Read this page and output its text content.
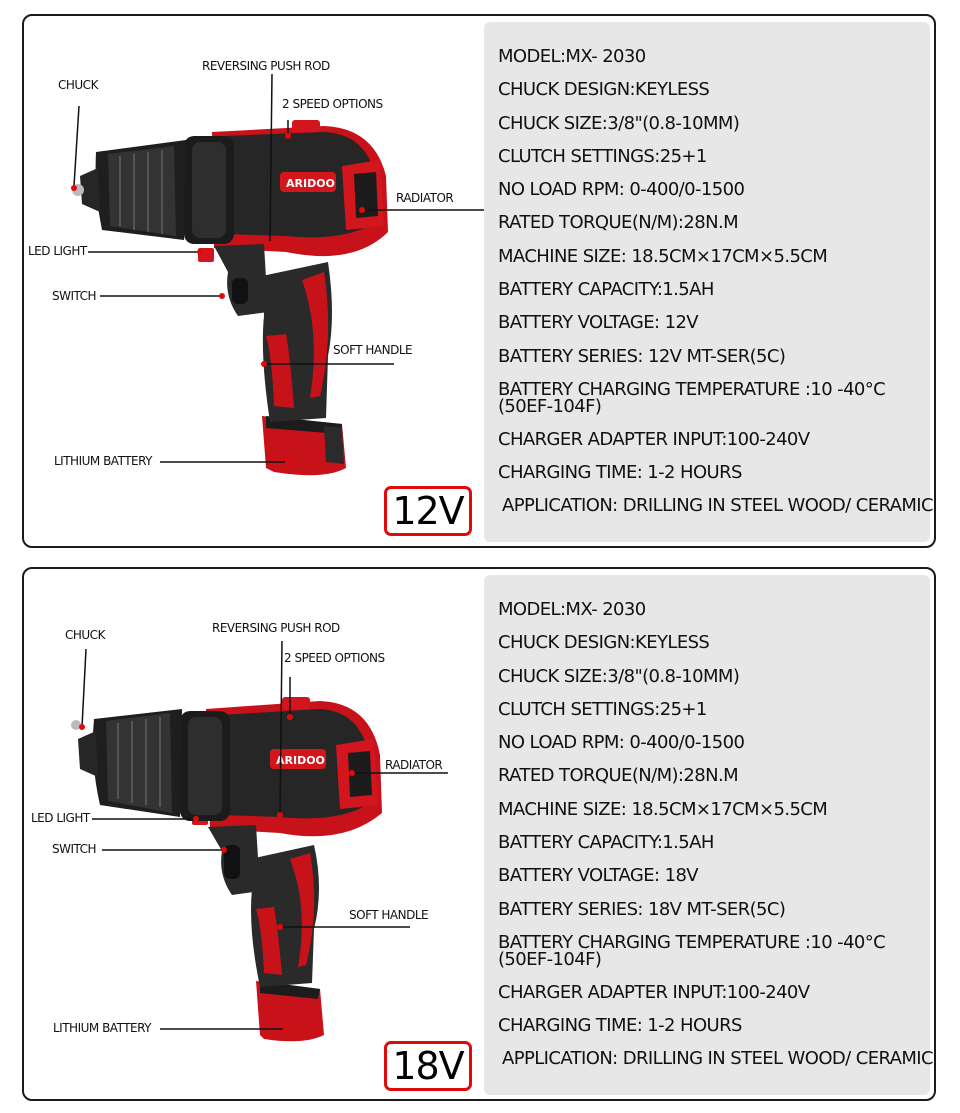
ARIDOO
CHUCK
REVERSING PUSH ROD
2 SPEED OPTIONS
RADIATOR
LED LIGHT
SWITCH
SOFT HANDLE
LITHIUM BATTERY
12V
MODEL:MX- 2030
CHUCK DESIGN:KEYLESS
CHUCK SIZE:3/8"(0.8-10MM)
CLUTCH SETTINGS:25+1
NO LOAD RPM: 0-400/0-1500
RATED TORQUE(N/M):28N.M
MACHINE SIZE: 18.5CM×17CM×5.5CM
BATTERY CAPACITY:1.5AH
BATTERY VOLTAGE: 12V
BATTERY SERIES: 12V MT-SER(5C)
BATTERY CHARGING TEMPERATURE :10 -40°C (50EF-104F)
CHARGER ADAPTER INPUT:100-240V
CHARGING TIME: 1-2 HOURS
APPLICATION: DRILLING IN STEEL WOOD/ CERAMIC
ARIDOO
CHUCK	REVERSING PUSH ROD
2 SPEED OPTIONS
RADIATOR
LED LIGHT
SWITCH
SOFT HANDLE
LITHIUM BATTERY
18V
MODEL:MX- 2030
CHUCK DESIGN:KEYLESS
CHUCK SIZE:3/8"(0.8-10MM)
CLUTCH SETTINGS:25+1
NO LOAD RPM: 0-400/0-1500
RATED TORQUE(N/M):28N.M
MACHINE SIZE: 18.5CM×17CM×5.5CM
BATTERY CAPACITY:1.5AH
BATTERY VOLTAGE: 18V
BATTERY SERIES: 18V MT-SER(5C)
BATTERY CHARGING TEMPERATURE :10 -40°C (50EF-104F)
CHARGER ADAPTER INPUT:100-240V
CHARGING TIME: 1-2 HOURS
APPLICATION: DRILLING IN STEEL WOOD/ CERAMIC
